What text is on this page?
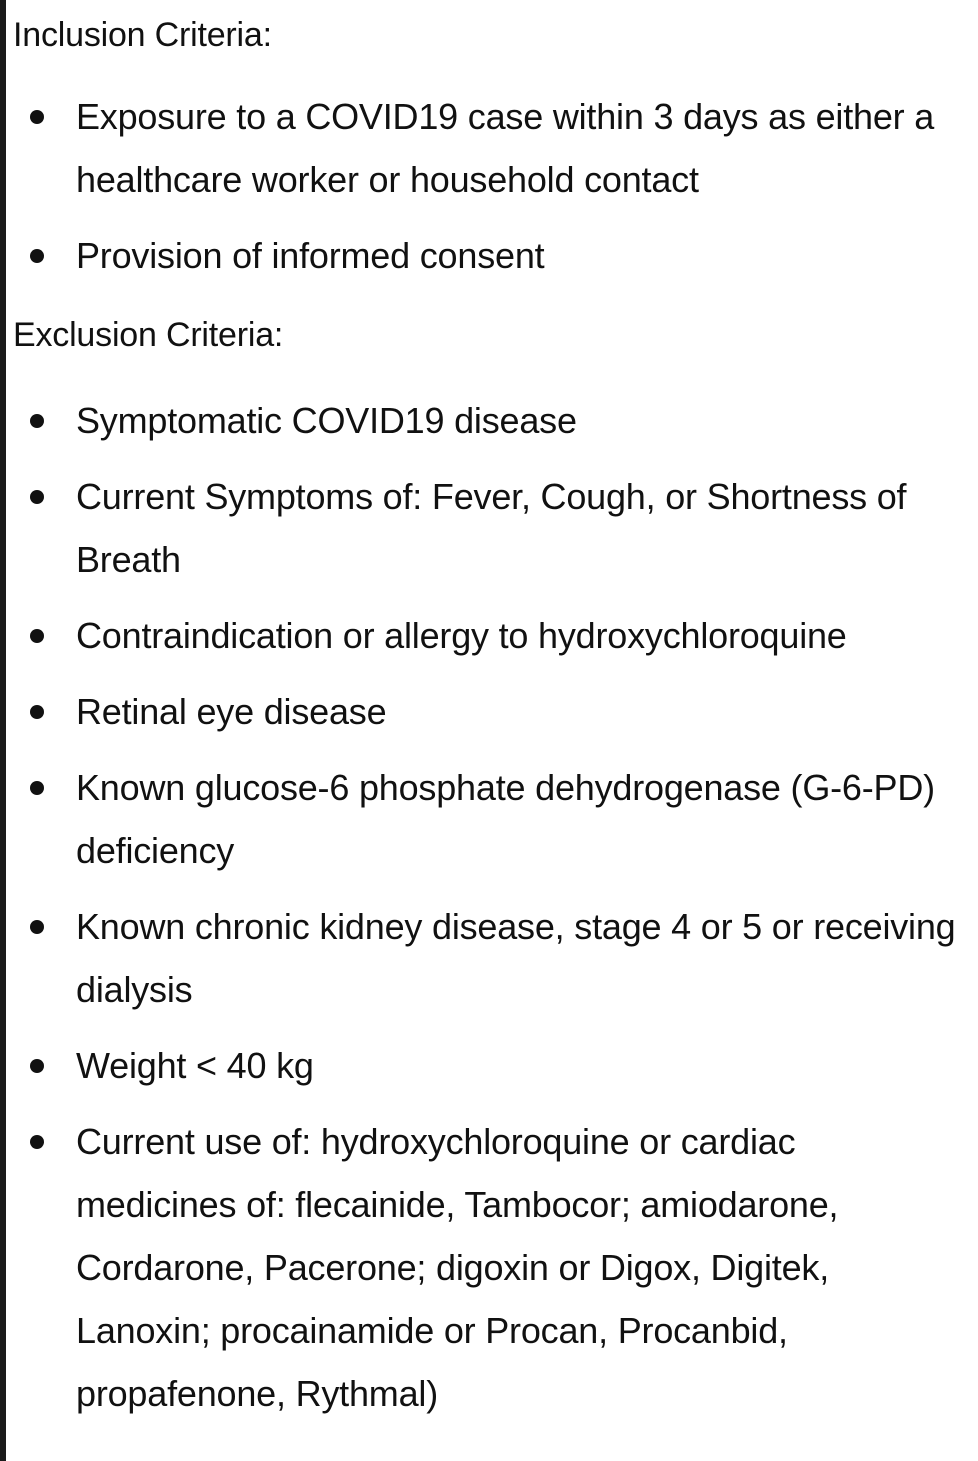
Inclusion Criteria:
Exposure to a COVID19 case within 3 days as either a healthcare worker or household contact
Provision of informed consent
Exclusion Criteria:
Symptomatic COVID19 disease
Current Symptoms of: Fever, Cough, or Shortness of Breath
Contraindication or allergy to hydroxychloroquine
Retinal eye disease
Known glucose-6 phosphate dehydrogenase (G-6-PD) deficiency
Known chronic kidney disease, stage 4 or 5 or receiving dialysis
Weight < 40 kg
Current use of: hydroxychloroquine or cardiac medicines of: flecainide, Tambocor; amiodarone, Cordarone, Pacerone; digoxin or Digox, Digitek, Lanoxin; procainamide or Procan, Procanbid, propafenone, Rythmal)
